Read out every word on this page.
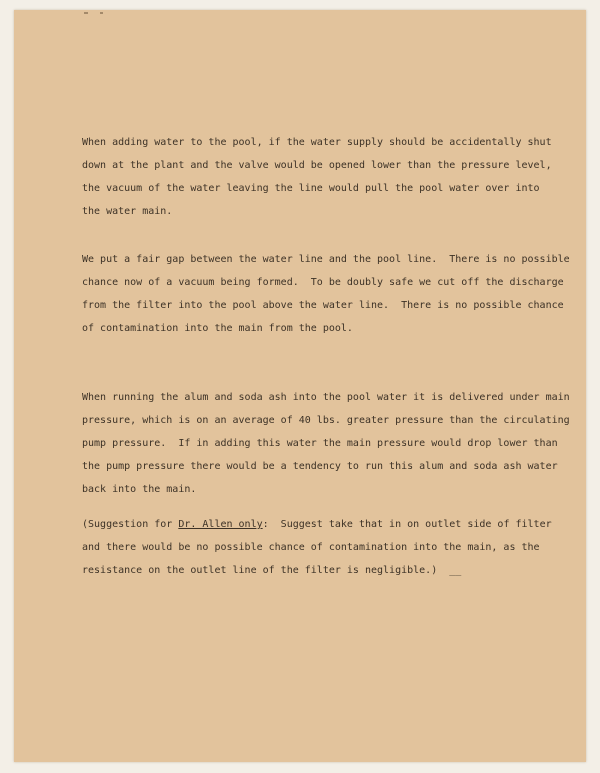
When adding water to the pool, if the water supply should be accidentally shut
down at the plant and the valve would be opened lower than the pressure level,
the vacuum of the water leaving the line would pull the pool water over into
the water main.
We put a fair gap between the water line and the pool line.  There is no possible
chance now of a vacuum being formed.  To be doubly safe we cut off the discharge
from the filter into the pool above the water line.  There is no possible chance
of contamination into the main from the pool.
When running the alum and soda ash into the pool water it is delivered under main
pressure, which is on an average of 40 lbs. greater pressure than the circulating
pump pressure.  If in adding this water the main pressure would drop lower than
the pump pressure there would be a tendency to run this alum and soda ash water
back into the main.
(Suggestion for Dr. Allen only:  Suggest take that in on outlet side of filter
and there would be no possible chance of contamination into the main, as the
resistance on the outlet line of the filter is negligible.)  __
